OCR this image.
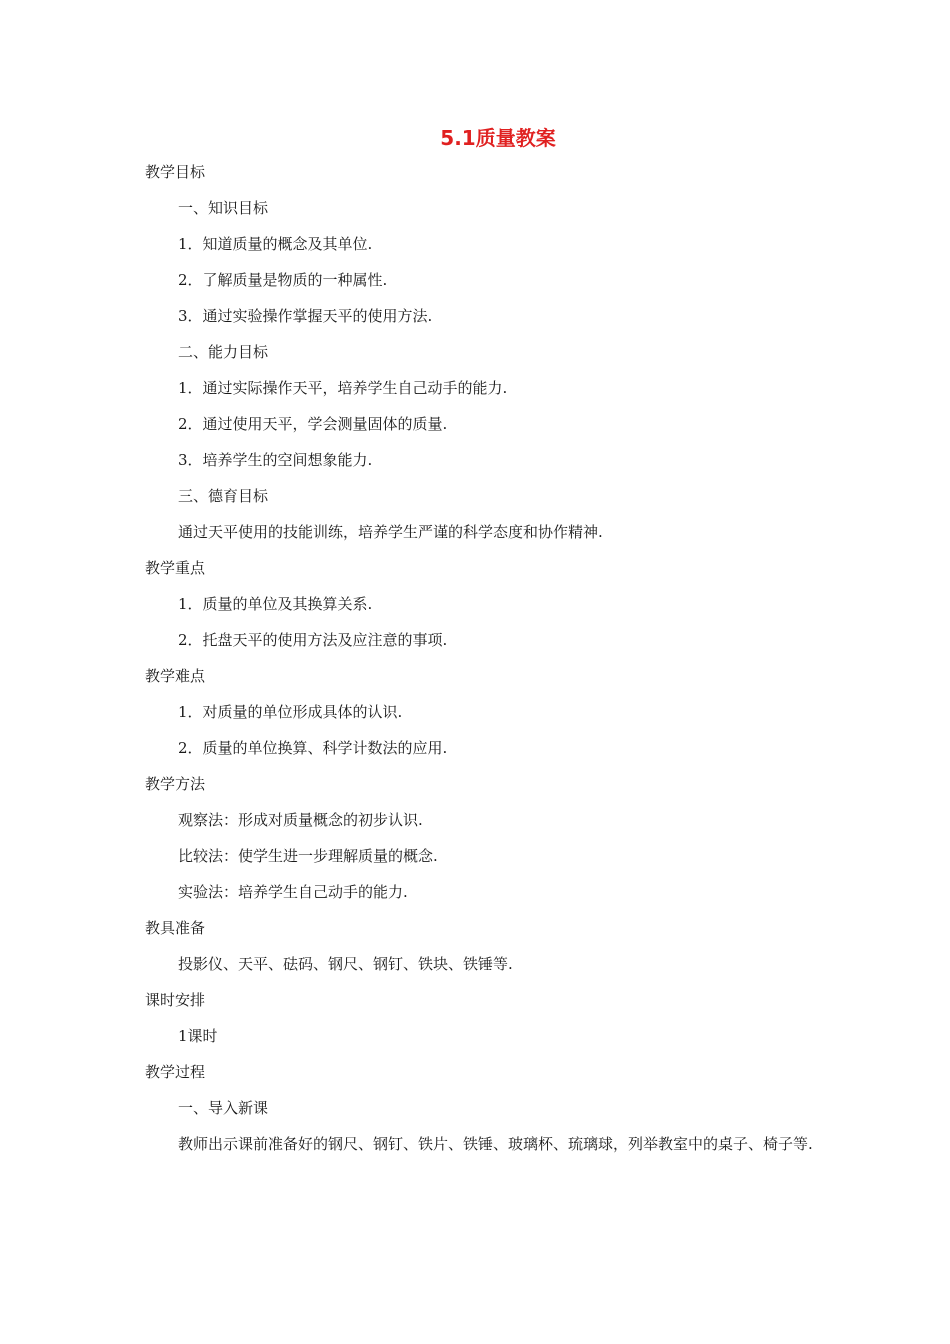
5.1质量教案
教学目标
一、知识目标
1．知道质量的概念及其单位.
2．了解质量是物质的一种属性.
3．通过实验操作掌握天平的使用方法.
二、能力目标
1．通过实际操作天平，培养学生自己动手的能力.
2．通过使用天平，学会测量固体的质量.
3．培养学生的空间想象能力.
三、德育目标
通过天平使用的技能训练，培养学生严谨的科学态度和协作精神.
教学重点
1．质量的单位及其换算关系.
2．托盘天平的使用方法及应注意的事项.
教学难点
1．对质量的单位形成具体的认识.
2．质量的单位换算、科学计数法的应用.
教学方法
观察法：形成对质量概念的初步认识.
比较法：使学生进一步理解质量的概念.
实验法：培养学生自己动手的能力.
教具准备
投影仪、天平、砝码、钢尺、钢钉、铁块、铁锤等.
课时安排
1课时
教学过程
一、导入新课
教师出示课前准备好的钢尺、钢钉、铁片、铁锤、玻璃杯、琉璃球，列举教室中的桌子、椅子等.
